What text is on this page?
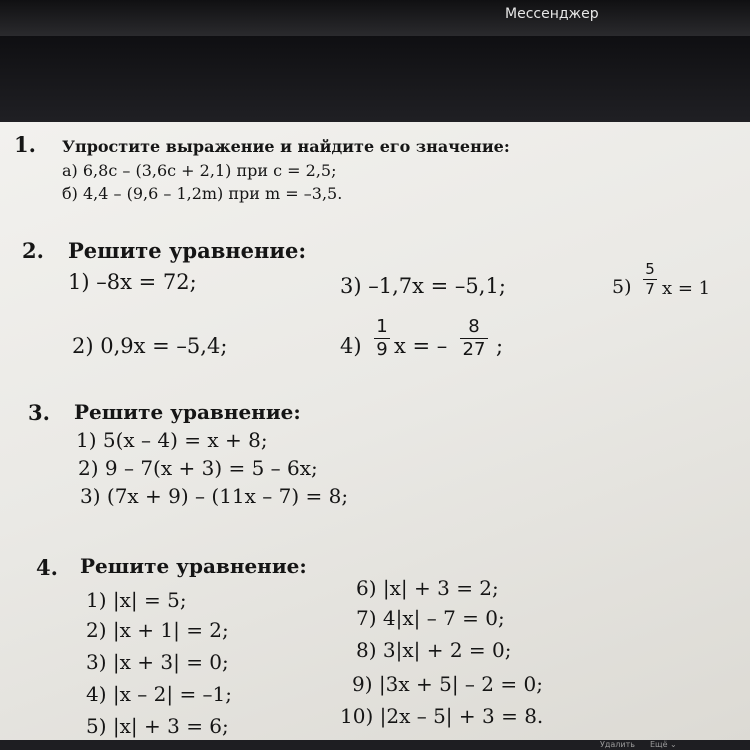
Мессенджер
1. Упростите выражение и найдите его значение:
а) 6,8c – (3,6c + 2,1) при c = 2,5;
б) 4,4 – (9,6 – 1,2m) при m = –3,5.
2. Решите уравнение:
1) –8x = 72;
2) 0,9x = –5,4;
3) –1,7x = –5,1;
4)
1
9 x = –
8
27 ;
5)
5
7 x = 1
3. Решите уравнение:
1) 5(x – 4) = x + 8;
2) 9 – 7(x + 3) = 5 – 6x;
3) (7x + 9) – (11x – 7) = 8;
4. Решите уравнение:
1) |x| = 5;
2) |x + 1| = 2;
3) |x + 3| = 0;
4) |x – 2| = –1;
5) |x| + 3 = 6;
6) |x| + 3 = 2;
7) 4|x| – 7 = 0;
8) 3|x| + 2 = 0;
9) |3x + 5| – 2 = 0;
10) |2x – 5| + 3 = 8.
Удалить Ещё ⌄
